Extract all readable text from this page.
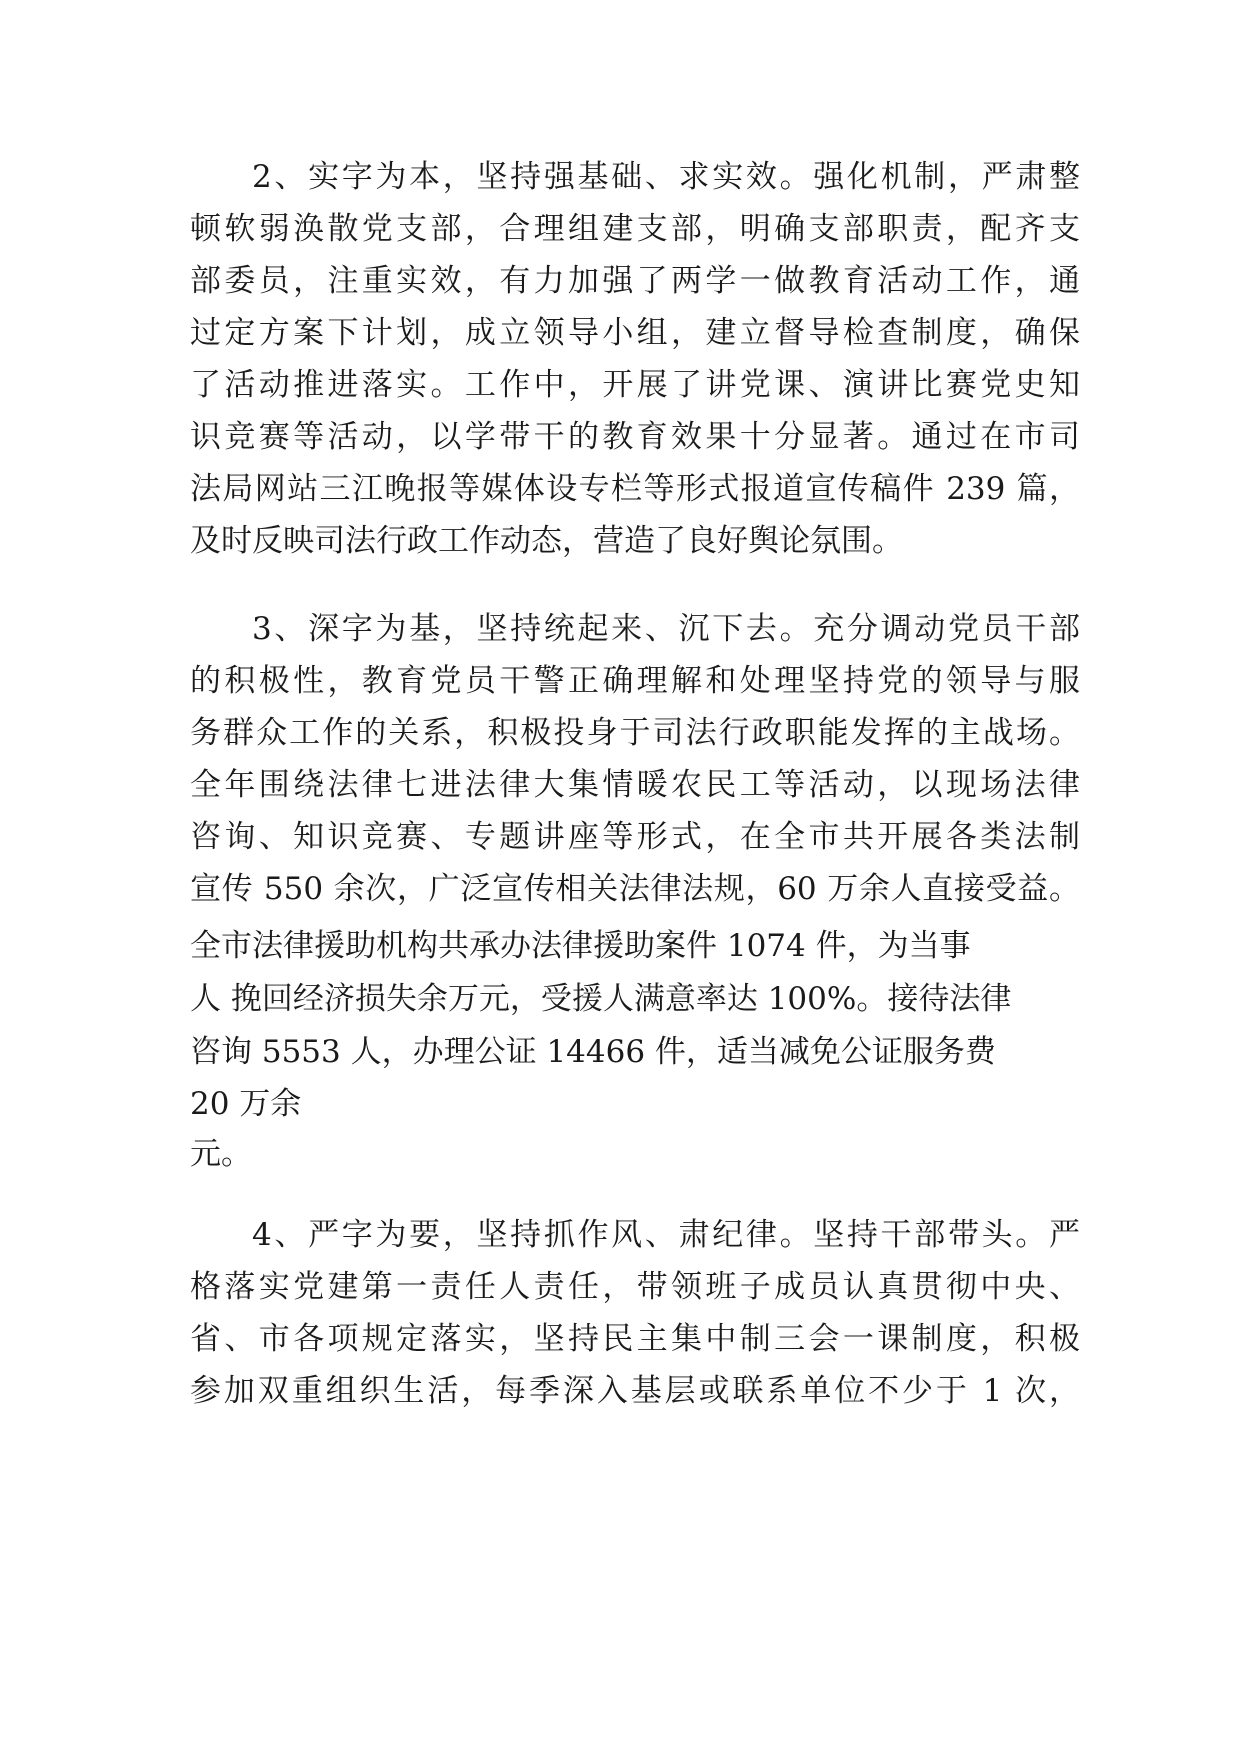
2、实字为本，坚持强基础、求实效。强化机制，严肃整
顿软弱涣散党支部，合理组建支部，明确支部职责，配齐支
部委员，注重实效，有力加强了两学一做教育活动工作，通
过定方案下计划，成立领导小组，建立督导检查制度，确保
了活动推进落实。工作中，开展了讲党课、演讲比赛党史知
识竞赛等活动，以学带干的教育效果十分显著。通过在市司
法局网站三江晚报等媒体设专栏等形式报道宣传稿件 239 篇，
及时反映司法行政工作动态，营造了良好舆论氛围。
3、深字为基，坚持统起来、沉下去。充分调动党员干部
的积极性，教育党员干警正确理解和处理坚持党的领导与服
务群众工作的关系，积极投身于司法行政职能发挥的主战场。
全年围绕法律七进法律大集情暖农民工等活动，以现场法律
咨询、知识竞赛、专题讲座等形式，在全市共开展各类法制
宣传 550 余次，广泛宣传相关法律法规，60 万余人直接受益。
全市法律援助机构共承办法律援助案件 1074 件，为当事
人 挽回经济损失余万元，受援人满意率达 100%。接待法律
咨询 5553 人，办理公证 14466 件，适当减免公证服务费
20 万余
元。
4、严字为要，坚持抓作风、肃纪律。坚持干部带头。严
格落实党建第一责任人责任，带领班子成员认真贯彻中央、
省、市各项规定落实，坚持民主集中制三会一课制度，积极
参加双重组织生活，每季深入基层或联系单位不少于 1 次，
